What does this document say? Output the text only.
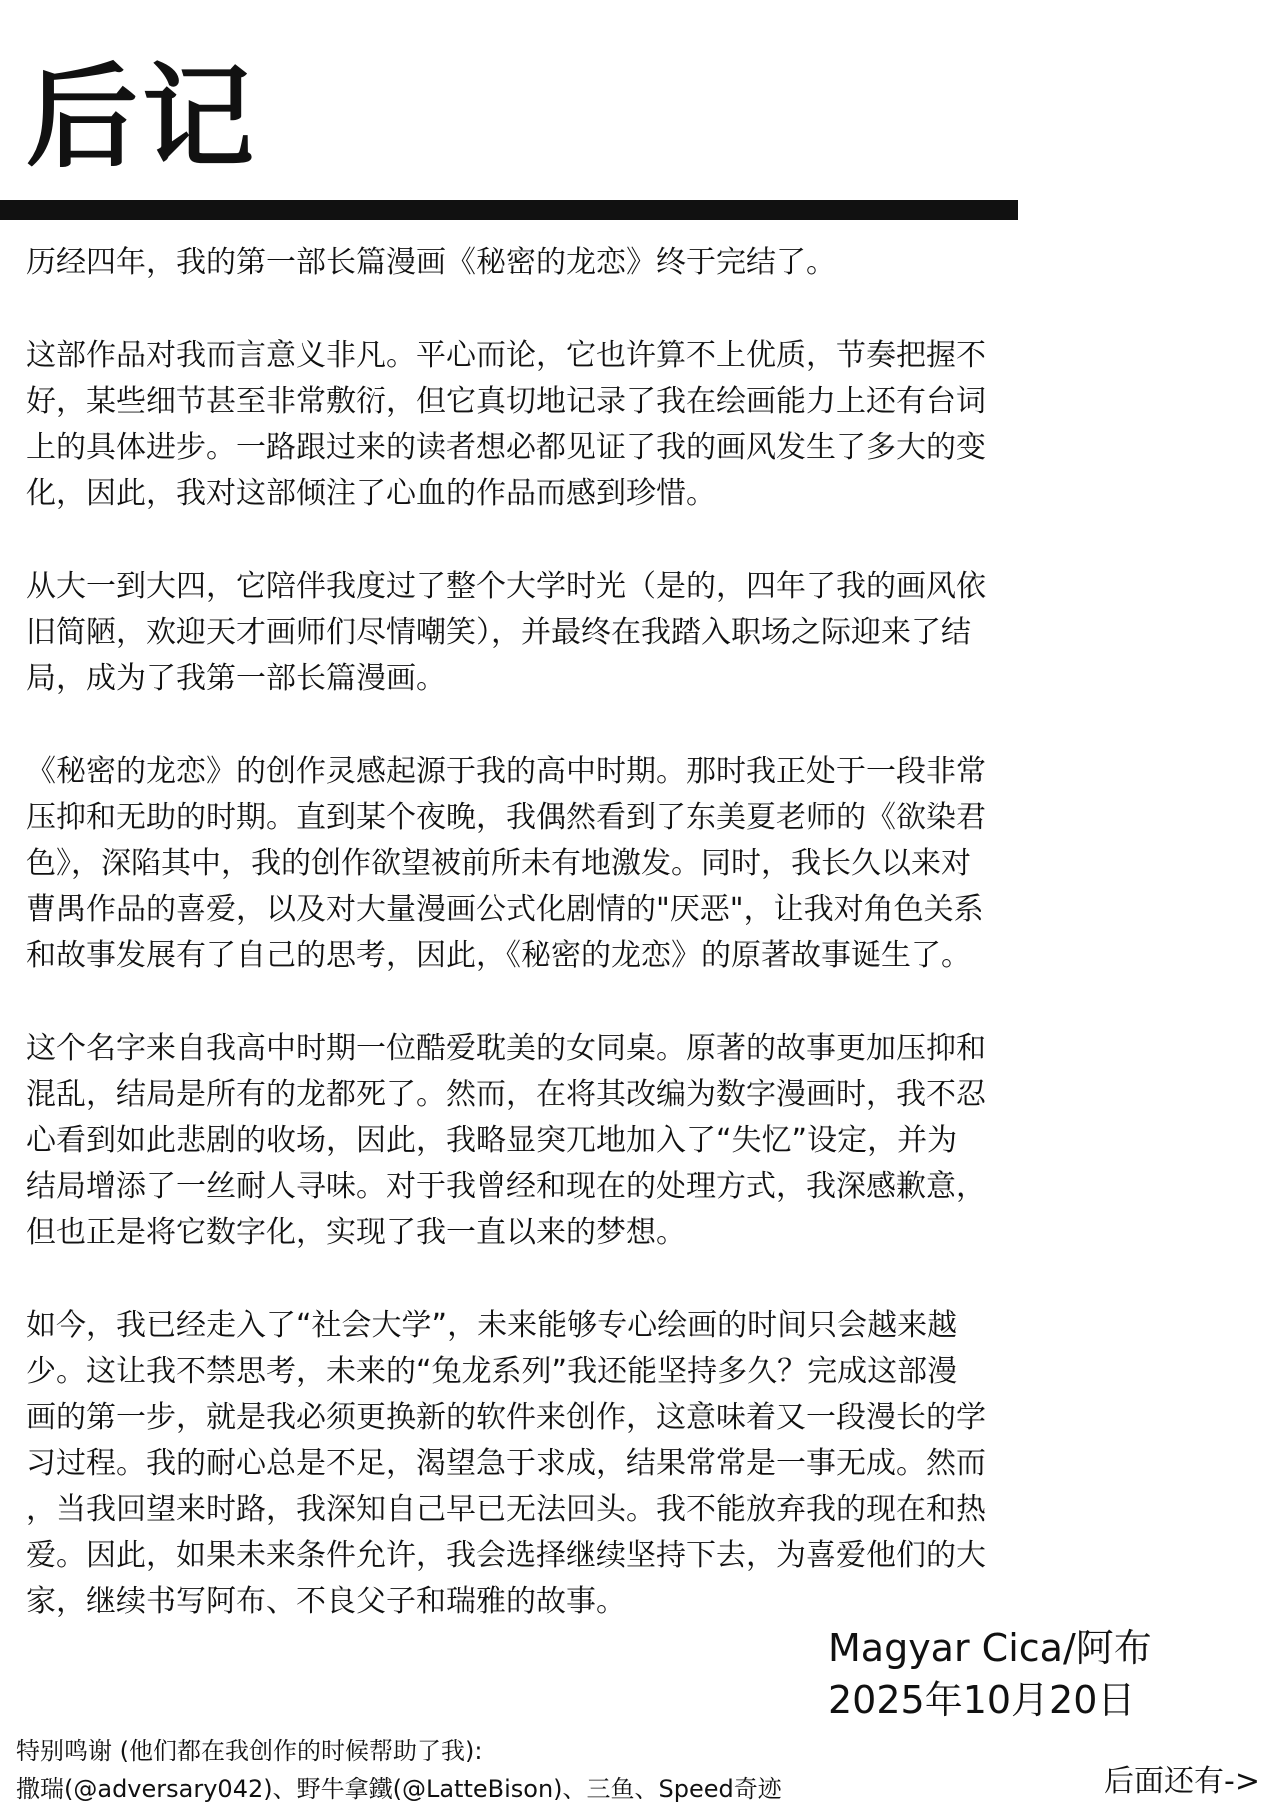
后记

历经四年，我的第一部长篇漫画《秘密的龙恋》终于完结了。

这部作品对我而言意义非凡。平心而论，它也许算不上优质，节奏把握不
好，某些细节甚至非常敷衍，但它真切地记录了我在绘画能力上还有台词
上的具体进步。一路跟过来的读者想必都见证了我的画风发生了多大的变
化，因此，我对这部倾注了心血的作品而感到珍惜。

从大一到大四，它陪伴我度过了整个大学时光（是的，四年了我的画风依
旧简陋，欢迎天才画师们尽情嘲笑），并最终在我踏入职场之际迎来了结
局，成为了我第一部长篇漫画。

《秘密的龙恋》的创作灵感起源于我的高中时期。那时我正处于一段非常
压抑和无助的时期。直到某个夜晚，我偶然看到了东美夏老师的《欲染君
色》，深陷其中，我的创作欲望被前所未有地激发。同时，我长久以来对
曹禺作品的喜爱，以及对大量漫画公式化剧情的"厌恶"，让我对角色关系
和故事发展有了自己的思考，因此，《秘密的龙恋》的原著故事诞生了。

这个名字来自我高中时期一位酷爱耽美的女同桌。原著的故事更加压抑和
混乱，结局是所有的龙都死了。然而，在将其改编为数字漫画时，我不忍
心看到如此悲剧的收场，因此，我略显突兀地加入了“失忆”设定，并为
结局增添了一丝耐人寻味。对于我曾经和现在的处理方式，我深感歉意，
但也正是将它数字化，实现了我一直以来的梦想。

如今，我已经走入了“社会大学”，未来能够专心绘画的时间只会越来越
少。这让我不禁思考，未来的“兔龙系列”我还能坚持多久？完成这部漫
画的第一步，就是我必须更换新的软件来创作，这意味着又一段漫长的学
习过程。我的耐心总是不足，渴望急于求成，结果常常是一事无成。然而
，当我回望来时路，我深知自己早已无法回头。我不能放弃我的现在和热
爱。因此，如果未来条件允许，我会选择继续坚持下去，为喜爱他们的大
家，继续书写阿布、不良父子和瑞雅的故事。

Magyar Cica/阿布
2025年10月20日
特别鸣谢 (他们都在我创作的时候帮助了我):
撒瑞(@adversary042)、野牛拿鐵(@LatteBison)、三鱼、Speed奇迹	后面还有->
